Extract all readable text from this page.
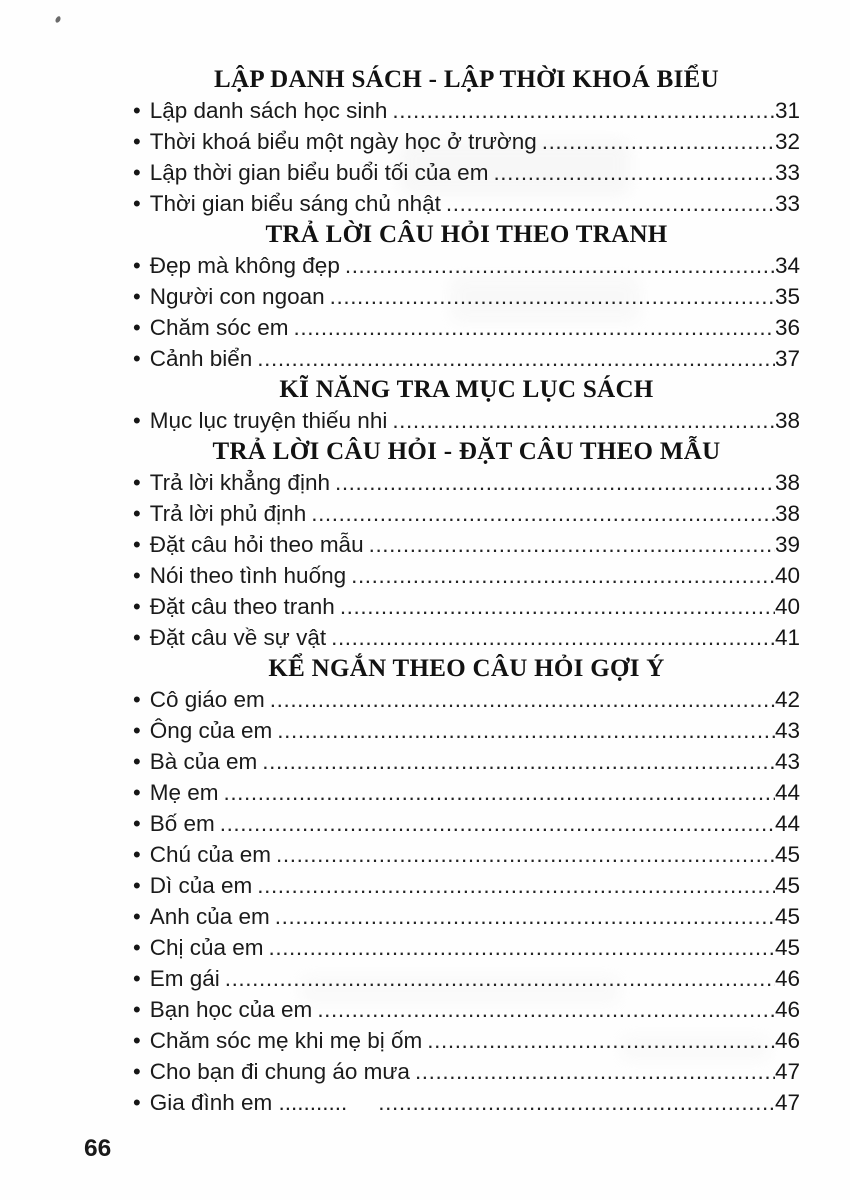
LẬP DANH SÁCH - LẬP THỜI KHOÁ BIỂU
• Lập danh sách học sinh .....	31
• Thời khoá biểu một ngày học ở trường .....	32
• Lập thời gian biểu buổi tối của em .....	33
• Thời gian biểu sáng chủ nhật .....	33
TRẢ LỜI CÂU HỎI THEO TRANH
• Đẹp mà không đẹp .....	34
• Người con ngoan .....	35
• Chăm sóc em .....	36
• Cảnh biển .....	37
KĨ NĂNG TRA MỤC LỤC SÁCH
• Mục lục truyện thiếu nhi .....	38
TRẢ LỜI CÂU HỎI - ĐẶT CÂU THEO MẪU
• Trả lời khẳng định .....	38
• Trả lời phủ định .....	38
• Đặt câu hỏi theo mẫu .....	39
• Nói theo tình huống .....	40
• Đặt câu theo tranh .....	40
• Đặt câu về sự vật .....	41
KỂ NGẮN THEO CÂU HỎI GỢI Ý
• Cô giáo em .....	42
• Ông của em .....	43
• Bà của em .....	43
• Mẹ em .....	44
• Bố em .....	44
• Chú của em .....	45
• Dì của em .....	45
• Anh của em .....	45
• Chị của em .....	45
• Em gái .....	46
• Bạn học của em .....	46
• Chăm sóc mẹ khi mẹ bị ốm .....	46
• Cho bạn đi chung áo mưa .....	47
• Gia đình em ........... .....	47
66
